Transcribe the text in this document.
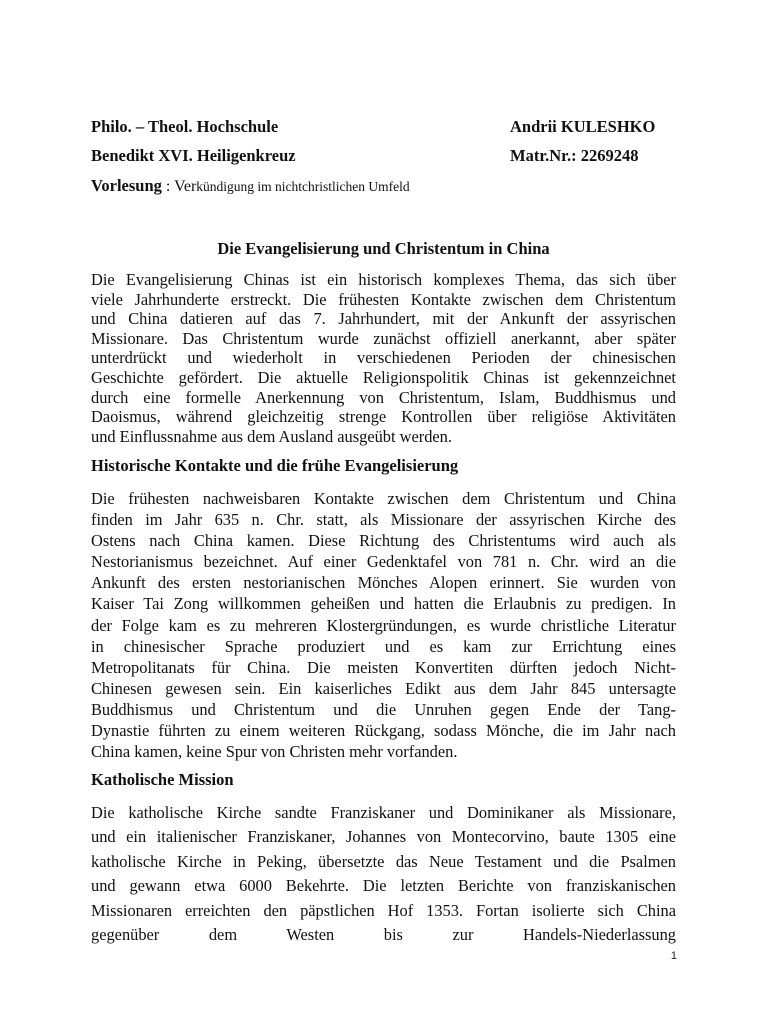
Philo. – Theol. Hochschule	Andrii KULESHKO
Benedikt XVI. Heiligenkreuz	Matr.Nr.: 2269248
Vorlesung : Verkündigung im nichtchristlichen Umfeld
Die Evangelisierung und Christentum in China
Die Evangelisierung Chinas ist ein historisch komplexes Thema, das sich über
viele Jahrhunderte erstreckt. Die frühesten Kontakte zwischen dem Christentum
und China datieren auf das 7. Jahrhundert, mit der Ankunft der assyrischen
Missionare. Das Christentum wurde zunächst offiziell anerkannt, aber später
unterdrückt und wiederholt in verschiedenen Perioden der chinesischen
Geschichte gefördert. Die aktuelle Religionspolitik Chinas ist gekennzeichnet
durch eine formelle Anerkennung von Christentum, Islam, Buddhismus und
Daoismus, während gleichzeitig strenge Kontrollen über religiöse Aktivitäten
und Einflussnahme aus dem Ausland ausgeübt werden.
Historische Kontakte und die frühe Evangelisierung
Die frühesten nachweisbaren Kontakte zwischen dem Christentum und China
finden im Jahr 635 n. Chr. statt, als Missionare der assyrischen Kirche des
Ostens nach China kamen. Diese Richtung des Christentums wird auch als
Nestorianismus bezeichnet. Auf einer Gedenktafel von 781 n. Chr. wird an die
Ankunft des ersten nestorianischen Mönches Alopen erinnert. Sie wurden von
Kaiser Tai Zong willkommen geheißen und hatten die Erlaubnis zu predigen. In
der Folge kam es zu mehreren Klostergründungen, es wurde christliche Literatur
in chinesischer Sprache produziert und es kam zur Errichtung eines
Metropolitanats für China. Die meisten Konvertiten dürften jedoch Nicht-
Chinesen gewesen sein. Ein kaiserliches Edikt aus dem Jahr 845 untersagte
Buddhismus und Christentum und die Unruhen gegen Ende der Tang-
Dynastie führten zu einem weiteren Rückgang, sodass Mönche, die im Jahr nach
China kamen, keine Spur von Christen mehr vorfanden.
Katholische Mission
Die katholische Kirche sandte Franziskaner und Dominikaner als Missionare,
und ein italienischer Franziskaner, Johannes von Montecorvino, baute 1305 eine
katholische Kirche in Peking, übersetzte das Neue Testament und die Psalmen
und gewann etwa 6000 Bekehrte. Die letzten Berichte von franziskanischen
Missionaren erreichten den päpstlichen Hof 1353. Fortan isolierte sich China
gegenüber dem Westen bis zur Handels-Niederlassung
1
